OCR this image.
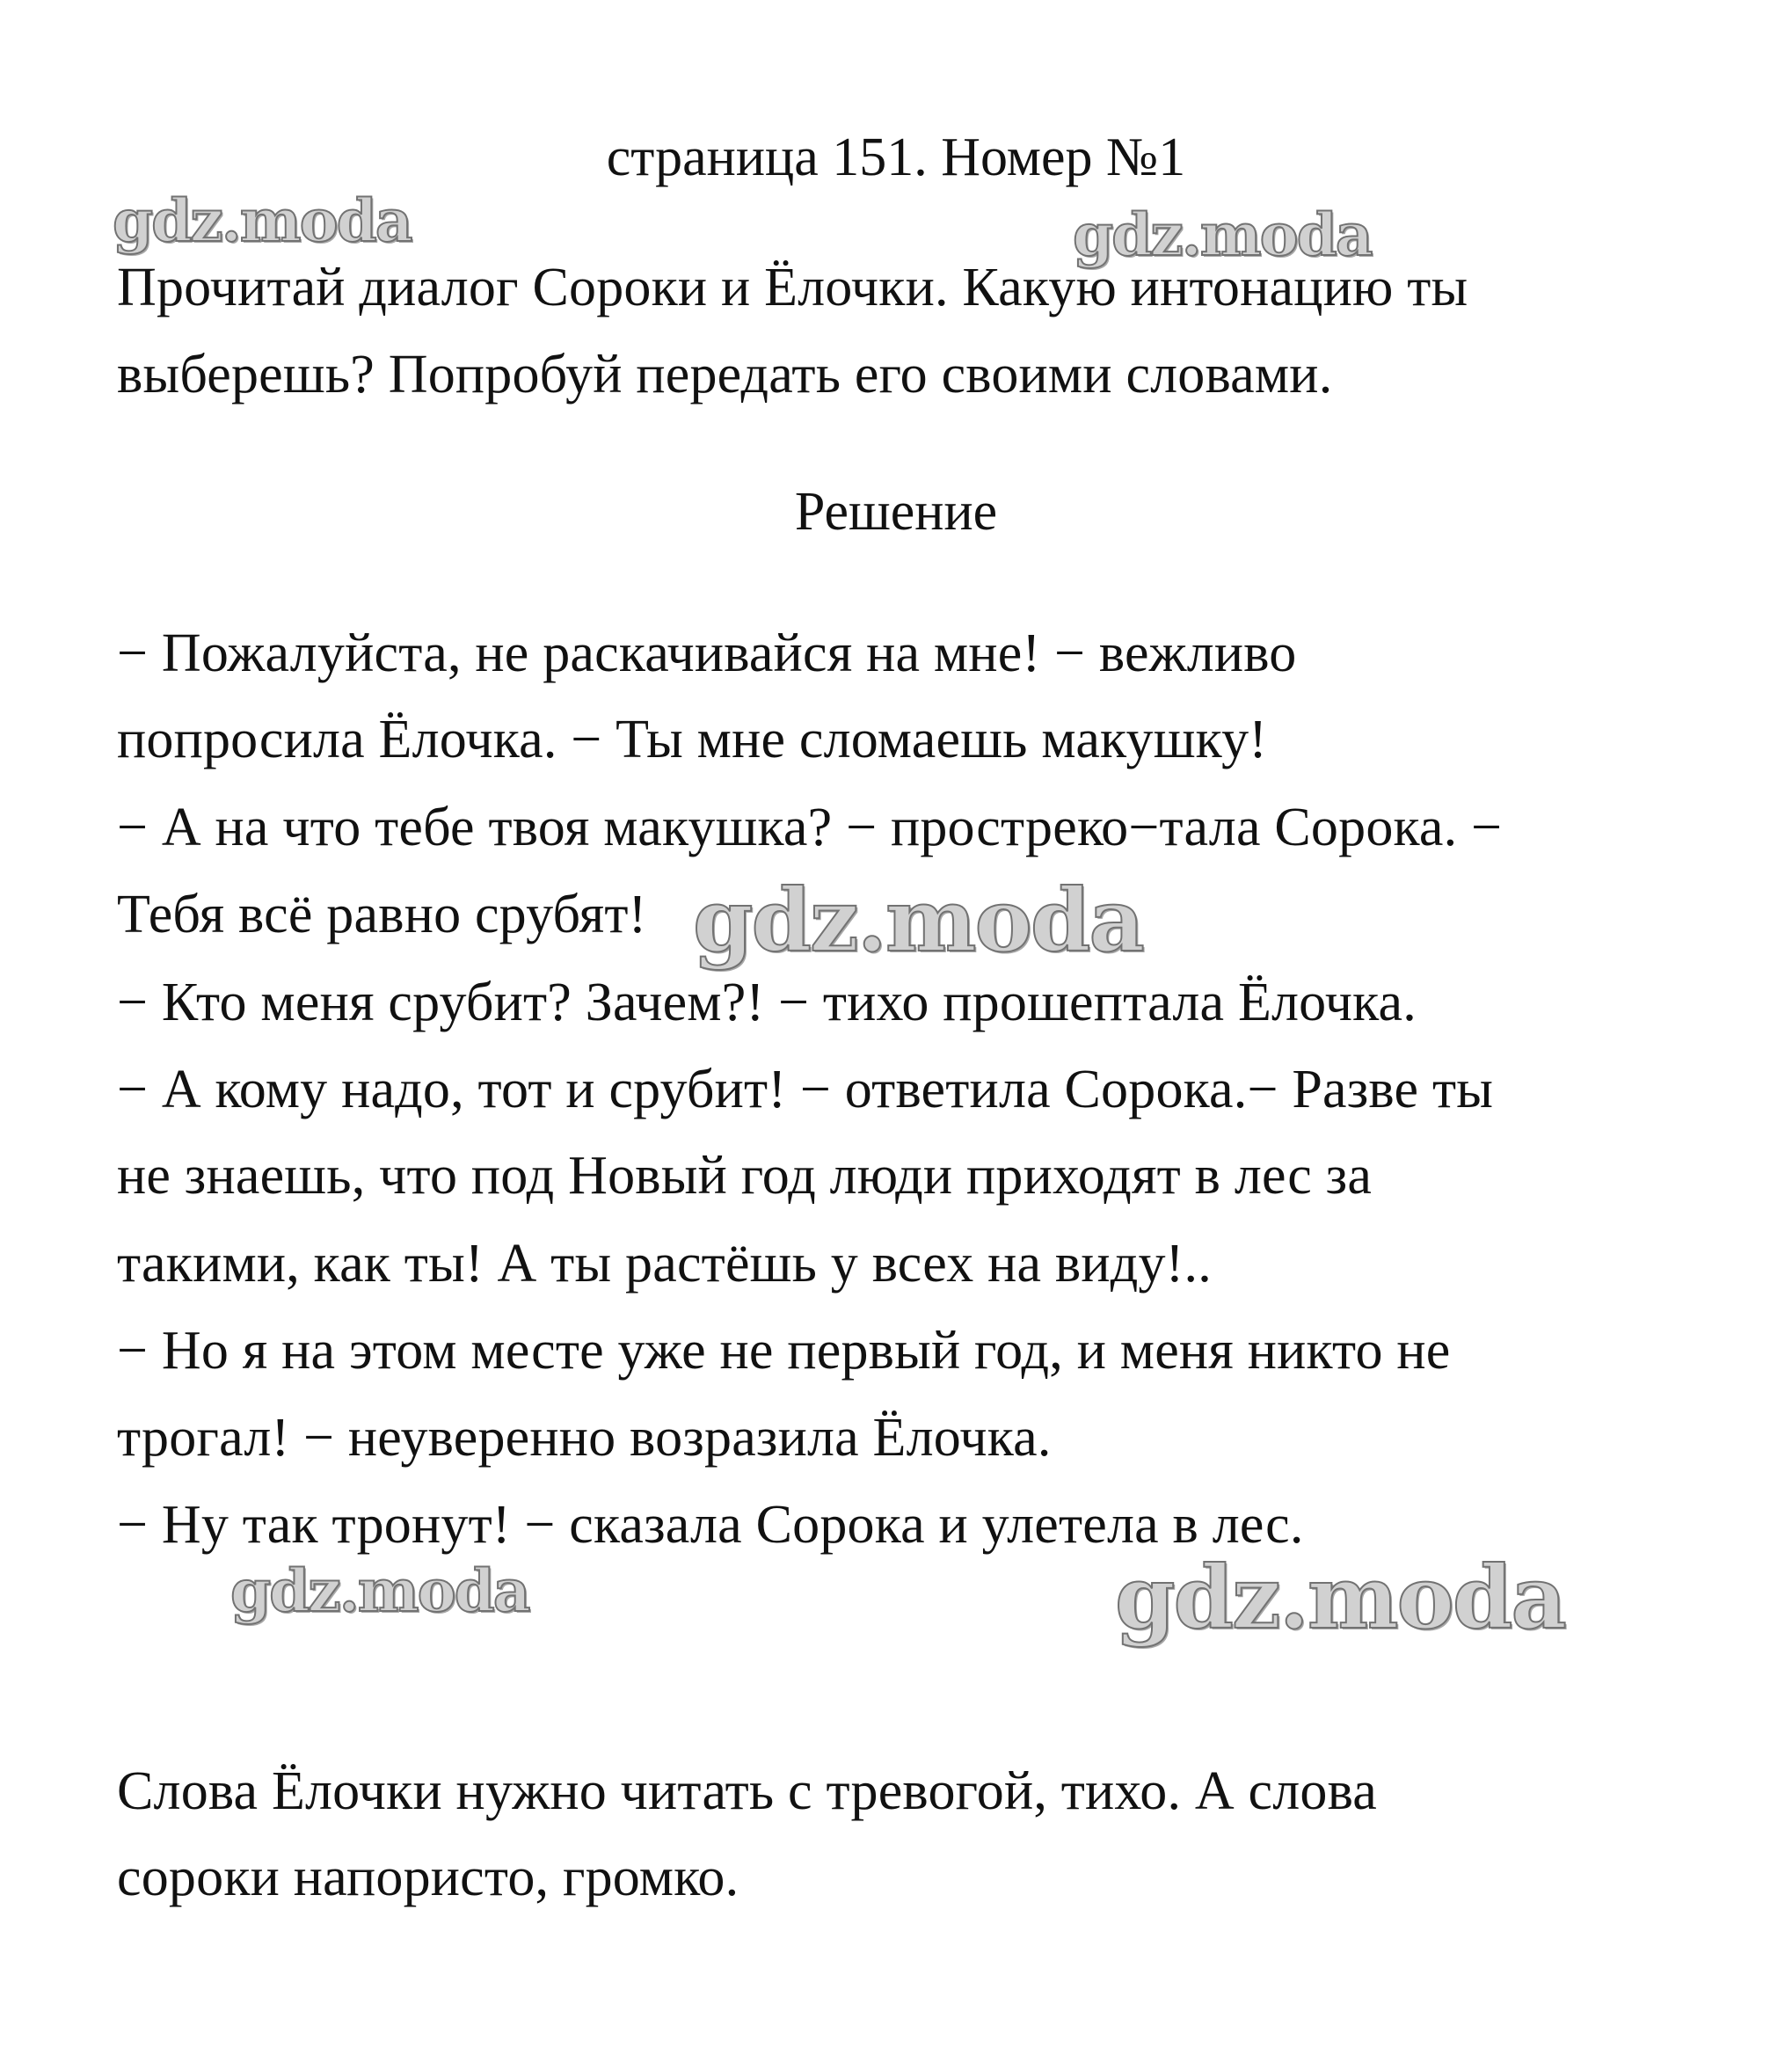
страница 151. Номер №1
Прочитай диалог Сороки и Ёлочки. Какую интонацию ты
выберешь? Попробуй передать его своими словами.
Решение
− Пожалуйста, не раскачивайся на мне! − вежливо
попросила Ёлочка. − Ты мне сломаешь макушку!
− А на что тебе твоя макушка? − простреко−тала Сорока. −
Тебя всё равно срубят!
− Кто меня срубит? Зачем?! − тихо прошептала Ёлочка.
− А кому надо, тот и срубит! − ответила Сорока.− Разве ты
не знаешь, что под Новый год люди приходят в лес за
такими, как ты! А ты растёшь у всех на виду!..
− Но я на этом месте уже не первый год, и меня никто не
трогал! − неуверенно возразила Ёлочка.
− Ну так тронут! − сказала Сорока и улетела в лес.
Слова Ёлочки нужно читать с тревогой, тихо. А слова
сороки напористо, громко.
gdz.moda	gdz.moda
gdz.moda
gdz.moda	gdz.moda
